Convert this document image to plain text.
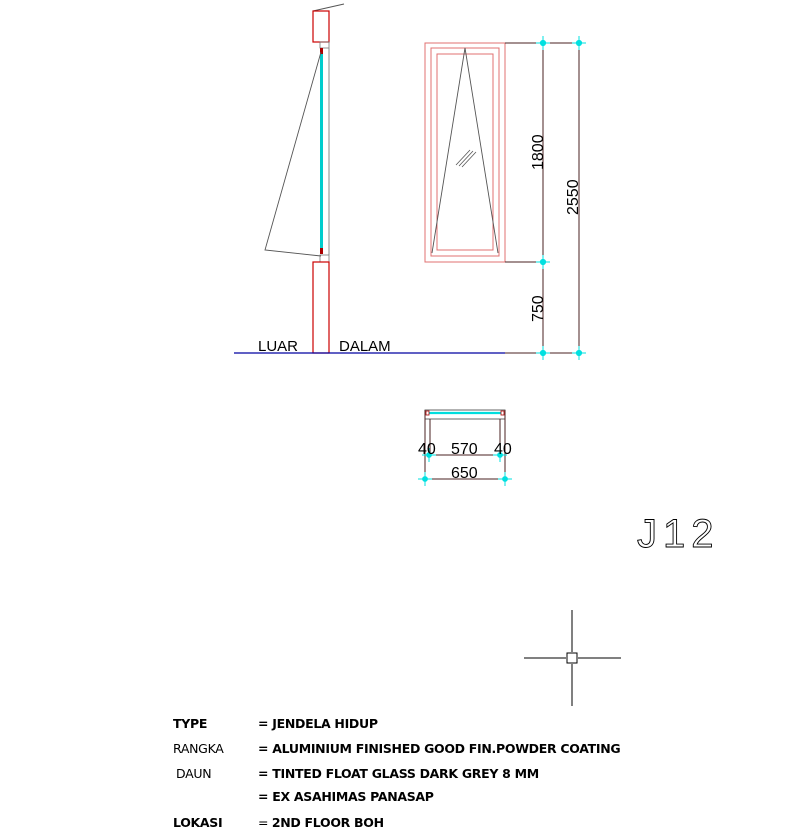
LUAR	DALAM
1800
750
2550
40 570 40
650
J12
TYPE	= JENDELA HIDUP
RANGKA	= ALUMINIUM FINISHED GOOD FIN.POWDER COATING
DAUN	= TINTED FLOAT GLASS DARK GREY 8 MM
= EX ASAHIMAS PANASAP
LOKASI	= 2ND FLOOR BOH
